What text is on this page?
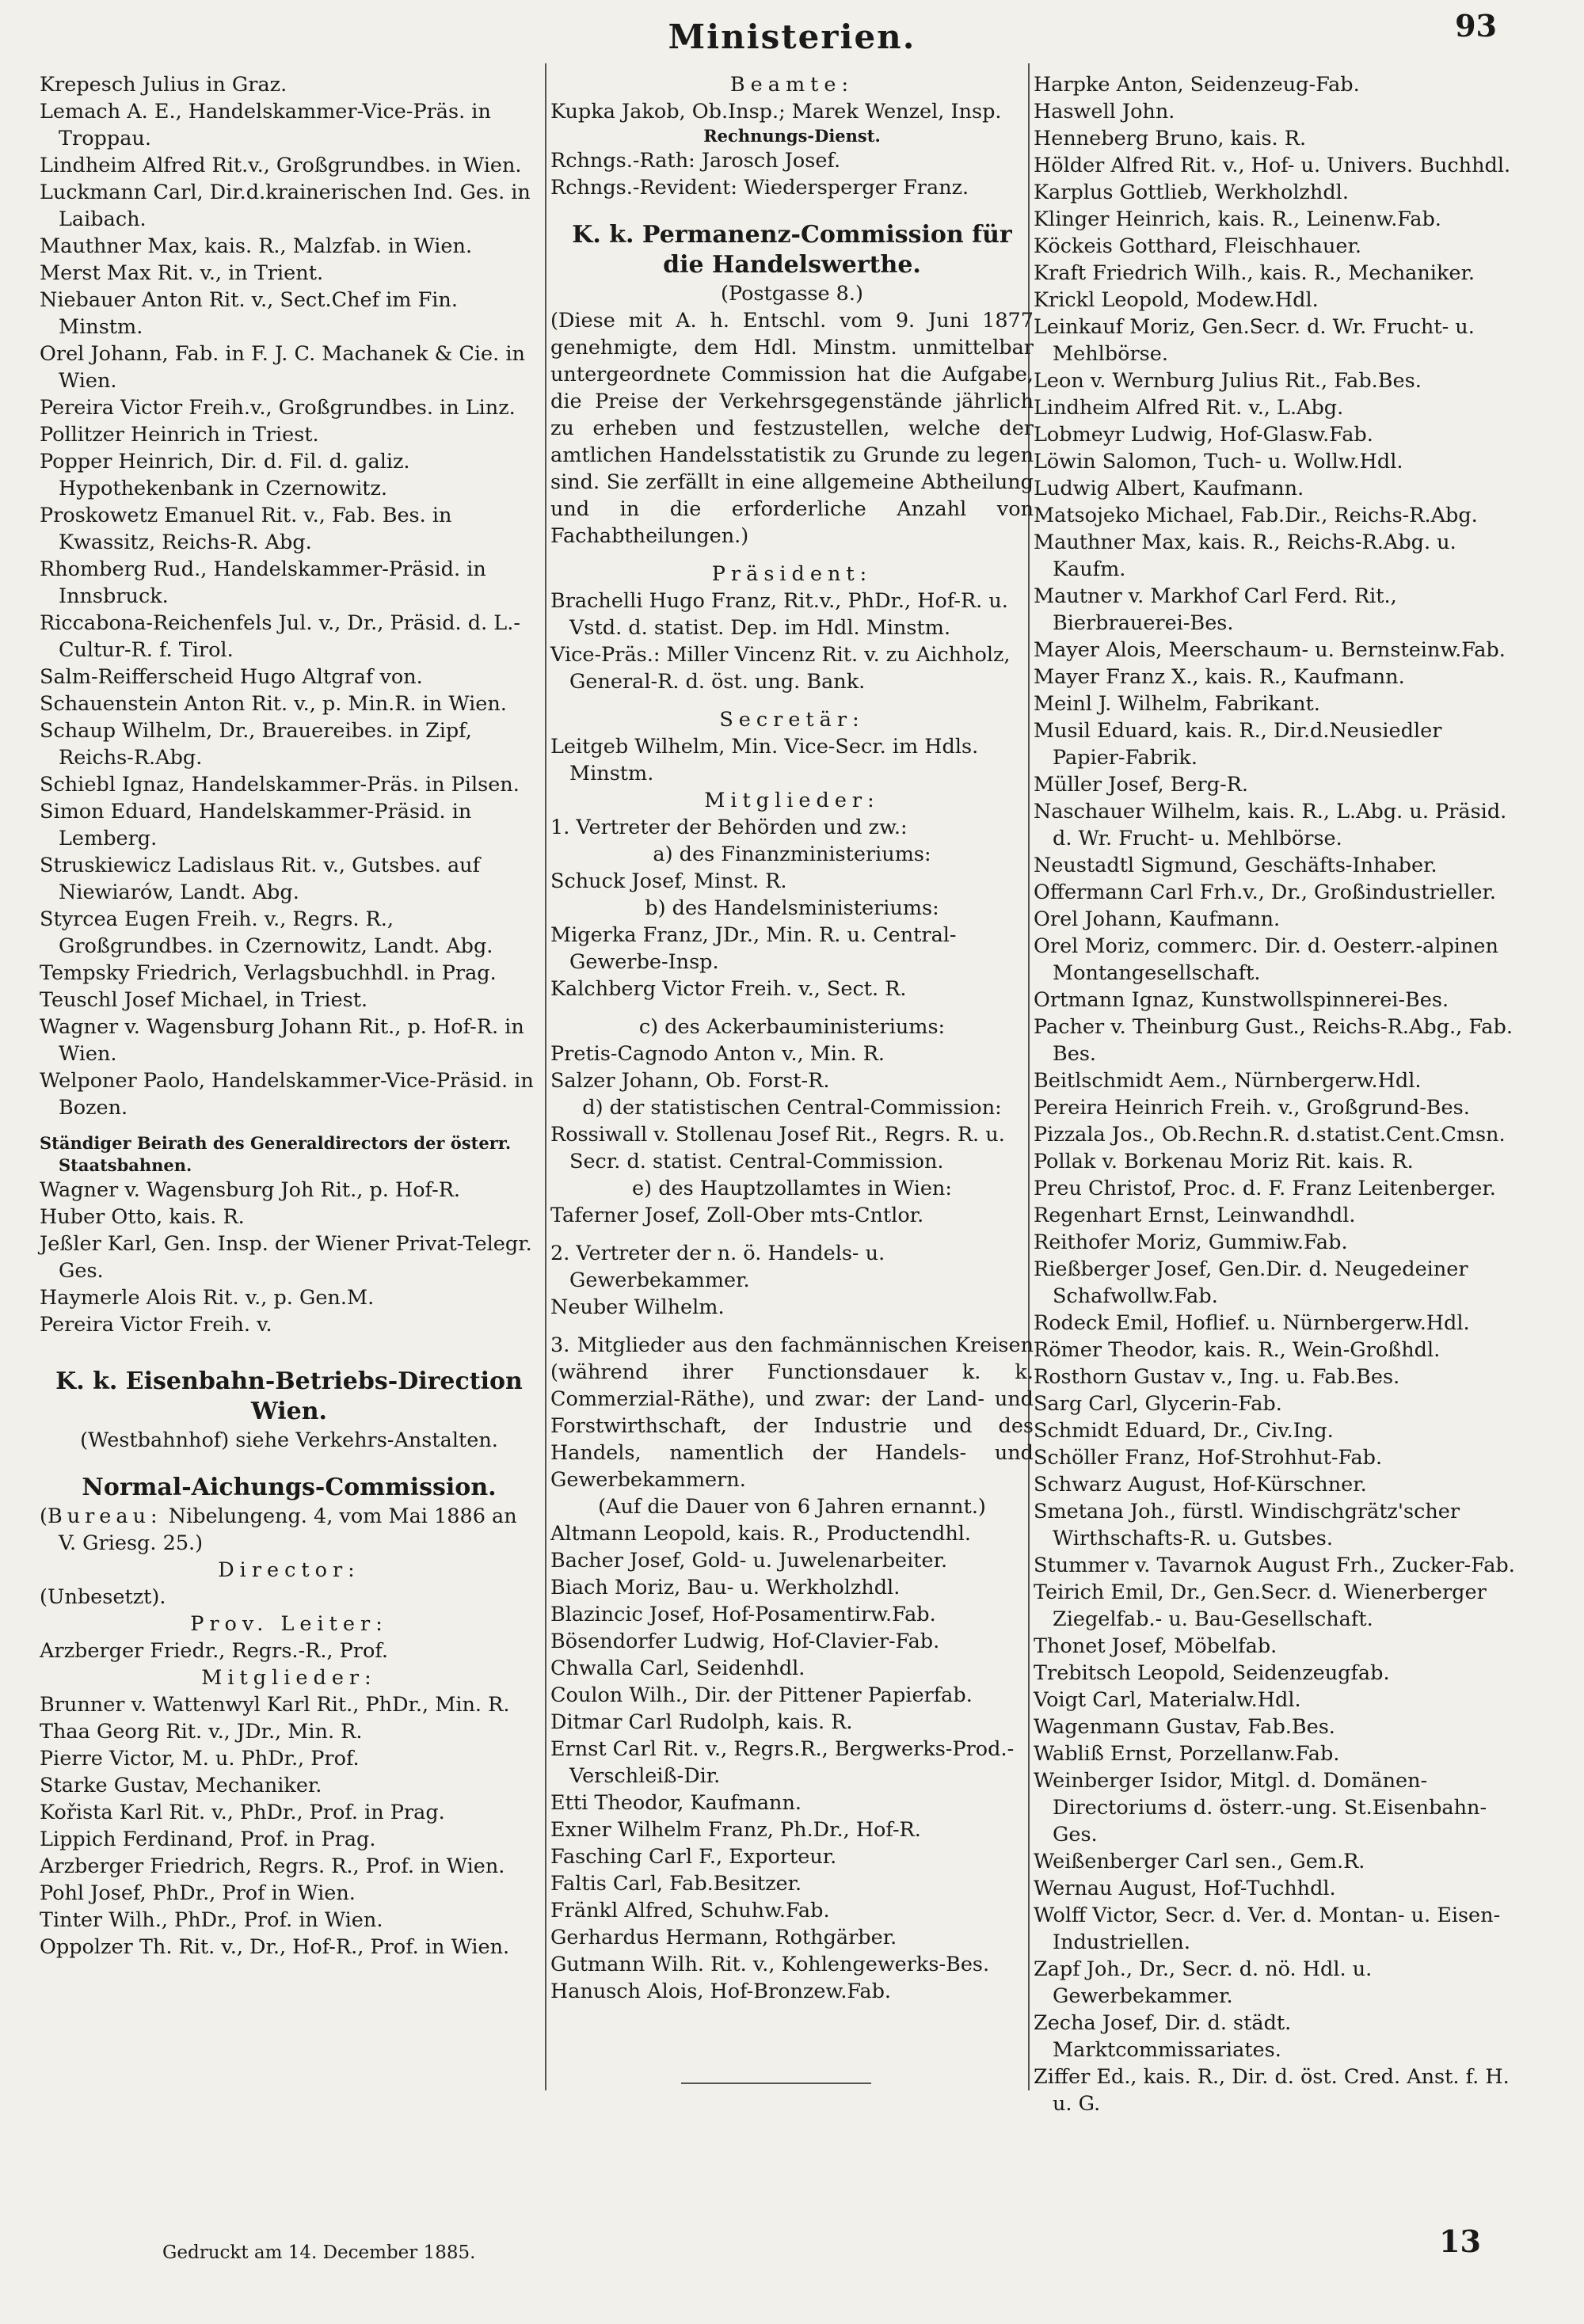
Ministerien.	93
Krepesch Julius in Graz.
Lemach A. E., Handelskammer-Vice-Präs. in Troppau.
Lindheim Alfred Rit.v., Großgrundbes. in Wien.
Luckmann Carl, Dir.d.krainerischen Ind. Ges. in Laibach.
Mauthner Max, kais. R., Malzfab. in Wien.
Merst Max Rit. v., in Trient.
Niebauer Anton Rit. v., Sect.Chef im Fin. Minstm.
Orel Johann, Fab. in F. J. C. Machanek & Cie. in Wien.
Pereira Victor Freih.v., Großgrundbes. in Linz.
Pollitzer Heinrich in Triest.
Popper Heinrich, Dir. d. Fil. d. galiz. Hypothekenbank in Czernowitz.
Proskowetz Emanuel Rit. v., Fab. Bes. in Kwassitz, Reichs-R. Abg.
Rhomberg Rud., Handelskammer-Präsid. in Innsbruck.
Riccabona-Reichenfels Jul. v., Dr., Präsid. d. L.-Cultur-R. f. Tirol.
Salm-Reifferscheid Hugo Altgraf von.
Schauenstein Anton Rit. v., p. Min.R. in Wien.
Schaup Wilhelm, Dr., Brauereibes. in Zipf, Reichs-R.Abg.
Schiebl Ignaz, Handelskammer-Präs. in Pilsen.
Simon Eduard, Handelskammer-Präsid. in Lemberg.
Struskiewicz Ladislaus Rit. v., Gutsbes. auf Niewiarów, Landt. Abg.
Styrcea Eugen Freih. v., Regrs. R., Großgrundbes. in Czernowitz, Landt. Abg.
Tempsky Friedrich, Verlagsbuchhdl. in Prag.
Teuschl Josef Michael, in Triest.
Wagner v. Wagensburg Johann Rit., p. Hof-R. in Wien.
Welponer Paolo, Handelskammer-Vice-Präsid. in Bozen.
Ständiger Beirath des Generaldirectors der österr. Staatsbahnen.
Wagner v. Wagensburg Joh Rit., p. Hof-R.
Huber Otto, kais. R.
Jeßler Karl, Gen. Insp. der Wiener Privat-Telegr. Ges.
Haymerle Alois Rit. v., p. Gen.M.
Pereira Victor Freih. v.
K. k. Eisenbahn-Betriebs-Direction Wien.
(Westbahnhof) siehe Verkehrs-Anstalten.
Normal-Aichungs-Commission.
(Bureau: Nibelungeng. 4, vom Mai 1886 an V. Griesg. 25.)
Director:
(Unbesetzt).
Prov. Leiter:
Arzberger Friedr., Regrs.-R., Prof.
Mitglieder:
Brunner v. Wattenwyl Karl Rit., PhDr., Min. R.
Thaa Georg Rit. v., JDr., Min. R.
Pierre Victor, M. u. PhDr., Prof.
Starke Gustav, Mechaniker.
Kořista Karl Rit. v., PhDr., Prof. in Prag.
Lippich Ferdinand, Prof. in Prag.
Arzberger Friedrich, Regrs. R., Prof. in Wien.
Pohl Josef, PhDr., Prof in Wien.
Tinter Wilh., PhDr., Prof. in Wien.
Oppolzer Th. Rit. v., Dr., Hof-R., Prof. in Wien.
Beamte:
Kupka Jakob, Ob.Insp.; Marek Wenzel, Insp.
Rechnungs-Dienst.
Rchngs.-Rath: Jarosch Josef.
Rchngs.-Revident: Wiedersperger Franz.
K. k. Permanenz-Commission für die Handelswerthe.
(Postgasse 8.)
(Diese mit A. h. Entschl. vom 9. Juni 1877 genehmigte, dem Hdl. Minstm. unmittelbar untergeordnete Commission hat die Aufgabe, die Preise der Verkehrsgegenstände jährlich zu erheben und festzustellen, welche der amtlichen Handelsstatistik zu Grunde zu legen sind. Sie zerfällt in eine allgemeine Abtheilung und in die erforderliche Anzahl von Fachabtheilungen.)
Präsident:
Brachelli Hugo Franz, Rit.v., PhDr., Hof-R. u. Vstd. d. statist. Dep. im Hdl. Minstm.
Vice-Präs.: Miller Vincenz Rit. v. zu Aichholz, General-R. d. öst. ung. Bank.
Secretär:
Leitgeb Wilhelm, Min. Vice-Secr. im Hdls. Minstm.
Mitglieder:
1. Vertreter der Behörden und zw.:
a) des Finanzministeriums:
Schuck Josef, Minst. R.
b) des Handelsministeriums:
Migerka Franz, JDr., Min. R. u. Central-Gewerbe-Insp.
Kalchberg Victor Freih. v., Sect. R.
c) des Ackerbauministeriums:
Pretis-Cagnodo Anton v., Min. R.
Salzer Johann, Ob. Forst-R.
d) der statistischen Central-Commission:
Rossiwall v. Stollenau Josef Rit., Regrs. R. u. Secr. d. statist. Central-Commission.
e) des Hauptzollamtes in Wien:
Taferner Josef, Zoll-Ober mts-Cntlor.
2. Vertreter der n. ö. Handels- u. Gewerbekammer.
Neuber Wilhelm.
3. Mitglieder aus den fachmännischen Kreisen (während ihrer Functionsdauer k. k. Commerzial-Räthe), und zwar: der Land- und Forstwirthschaft, der Industrie und des Handels, namentlich der Handels- und Gewerbekammern.
(Auf die Dauer von 6 Jahren ernannt.)
Altmann Leopold, kais. R., Productendhl.
Bacher Josef, Gold- u. Juwelenarbeiter.
Biach Moriz, Bau- u. Werkholzhdl.
Blazincic Josef, Hof-Posamentirw.Fab.
Bösendorfer Ludwig, Hof-Clavier-Fab.
Chwalla Carl, Seidenhdl.
Coulon Wilh., Dir. der Pittener Papierfab.
Ditmar Carl Rudolph, kais. R.
Ernst Carl Rit. v., Regrs.R., Bergwerks-Prod.-Verschleiß-Dir.
Etti Theodor, Kaufmann.
Exner Wilhelm Franz, Ph.Dr., Hof-R.
Fasching Carl F., Exporteur.
Faltis Carl, Fab.Besitzer.
Fränkl Alfred, Schuhw.Fab.
Gerhardus Hermann, Rothgärber.
Gutmann Wilh. Rit. v., Kohlengewerks-Bes.
Hanusch Alois, Hof-Bronzew.Fab.
Harpke Anton, Seidenzeug-Fab.
Haswell John.
Henneberg Bruno, kais. R.
Hölder Alfred Rit. v., Hof- u. Univers. Buchhdl.
Karplus Gottlieb, Werkholzhdl.
Klinger Heinrich, kais. R., Leinenw.Fab.
Köckeis Gotthard, Fleischhauer.
Kraft Friedrich Wilh., kais. R., Mechaniker.
Krickl Leopold, Modew.Hdl.
Leinkauf Moriz, Gen.Secr. d. Wr. Frucht- u. Mehlbörse.
Leon v. Wernburg Julius Rit., Fab.Bes.
Lindheim Alfred Rit. v., L.Abg.
Lobmeyr Ludwig, Hof-Glasw.Fab.
Löwin Salomon, Tuch- u. Wollw.Hdl.
Ludwig Albert, Kaufmann.
Matsojeko Michael, Fab.Dir., Reichs-R.Abg.
Mauthner Max, kais. R., Reichs-R.Abg. u. Kaufm.
Mautner v. Markhof Carl Ferd. Rit., Bierbrauerei-Bes.
Mayer Alois, Meerschaum- u. Bernsteinw.Fab.
Mayer Franz X., kais. R., Kaufmann.
Meinl J. Wilhelm, Fabrikant.
Musil Eduard, kais. R., Dir.d.Neusiedler Papier-Fabrik.
Müller Josef, Berg-R.
Naschauer Wilhelm, kais. R., L.Abg. u. Präsid. d. Wr. Frucht- u. Mehlbörse.
Neustadtl Sigmund, Geschäfts-Inhaber.
Offermann Carl Frh.v., Dr., Großindustrieller.
Orel Johann, Kaufmann.
Orel Moriz, commerc. Dir. d. Oesterr.-alpinen Montangesellschaft.
Ortmann Ignaz, Kunstwollspinnerei-Bes.
Pacher v. Theinburg Gust., Reichs-R.Abg., Fab. Bes.
Beitlschmidt Aem., Nürnbergerw.Hdl.
Pereira Heinrich Freih. v., Großgrund-Bes.
Pizzala Jos., Ob.Rechn.R. d.statist.Cent.Cmsn.
Pollak v. Borkenau Moriz Rit. kais. R.
Preu Christof, Proc. d. F. Franz Leitenberger.
Regenhart Ernst, Leinwandhdl.
Reithofer Moriz, Gummiw.Fab.
Rießberger Josef, Gen.Dir. d. Neugedeiner Schafwollw.Fab.
Rodeck Emil, Hoflief. u. Nürnbergerw.Hdl.
Römer Theodor, kais. R., Wein-Großhdl.
Rosthorn Gustav v., Ing. u. Fab.Bes.
Sarg Carl, Glycerin-Fab.
Schmidt Eduard, Dr., Civ.Ing.
Schöller Franz, Hof-Strohhut-Fab.
Schwarz August, Hof-Kürschner.
Smetana Joh., fürstl. Windischgrätz'scher Wirthschafts-R. u. Gutsbes.
Stummer v. Tavarnok August Frh., Zucker-Fab.
Teirich Emil, Dr., Gen.Secr. d. Wienerberger Ziegelfab.- u. Bau-Gesellschaft.
Thonet Josef, Möbelfab.
Trebitsch Leopold, Seidenzeugfab.
Voigt Carl, Materialw.Hdl.
Wagenmann Gustav, Fab.Bes.
Wabliß Ernst, Porzellanw.Fab.
Weinberger Isidor, Mitgl. d. Domänen-Directoriums d. österr.-ung. St.Eisenbahn-Ges.
Weißenberger Carl sen., Gem.R.
Wernau August, Hof-Tuchhdl.
Wolff Victor, Secr. d. Ver. d. Montan- u. Eisen-Industriellen.
Zapf Joh., Dr., Secr. d. nö. Hdl. u. Gewerbekammer.
Zecha Josef, Dir. d. städt. Marktcommissariates.
Ziffer Ed., kais. R., Dir. d. öst. Cred. Anst. f. H. u. G.
Gedruckt am 14. December 1885.	13
